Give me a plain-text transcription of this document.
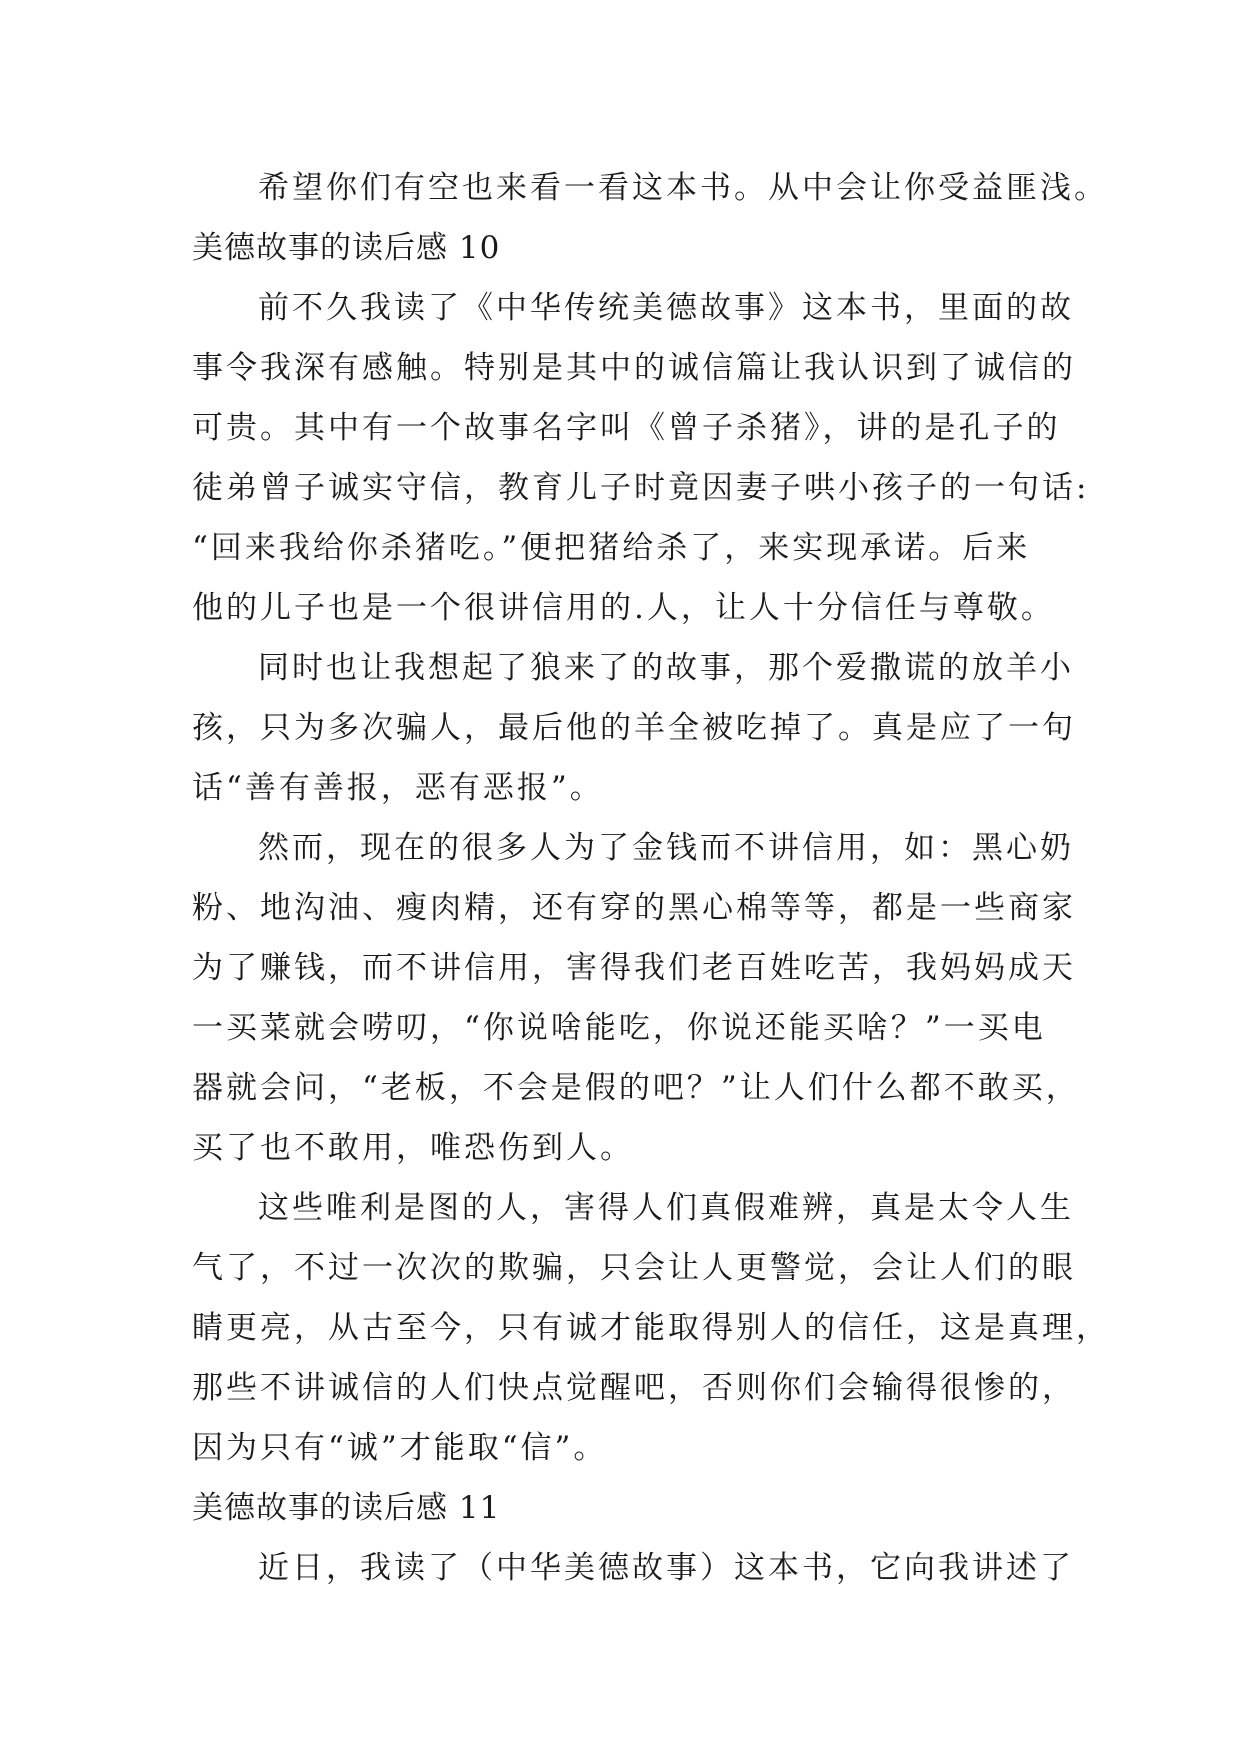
希望你们有空也来看一看这本书。从中会让你受益匪浅。
美德故事的读后感 10
前不久我读了《中华传统美德故事》这本书，里面的故
事令我深有感触。特别是其中的诚信篇让我认识到了诚信的
可贵。其中有一个故事名字叫《曾子杀猪》，讲的是孔子的
徒弟曾子诚实守信，教育儿子时竟因妻子哄小孩子的一句话:
“回来我给你杀猪吃。”便把猪给杀了，来实现承诺。后来
他的儿子也是一个很讲信用的.人，让人十分信任与尊敬。
同时也让我想起了狼来了的故事，那个爱撒谎的放羊小
孩，只为多次骗人，最后他的羊全被吃掉了。真是应了一句
话“善有善报，恶有恶报”。
然而，现在的很多人为了金钱而不讲信用，如：黑心奶
粉、地沟油、瘦肉精，还有穿的黑心棉等等，都是一些商家
为了赚钱，而不讲信用，害得我们老百姓吃苦，我妈妈成天
一买菜就会唠叨，“你说啥能吃，你说还能买啥？”一买电
器就会问，“老板，不会是假的吧？”让人们什么都不敢买，
买了也不敢用，唯恐伤到人。
这些唯利是图的人，害得人们真假难辨，真是太令人生
气了，不过一次次的欺骗，只会让人更警觉，会让人们的眼
睛更亮，从古至今，只有诚才能取得别人的信任，这是真理，
那些不讲诚信的人们快点觉醒吧，否则你们会输得很惨的，
因为只有“诚”才能取“信”。
美德故事的读后感 11
近日，我读了（中华美德故事）这本书，它向我讲述了
